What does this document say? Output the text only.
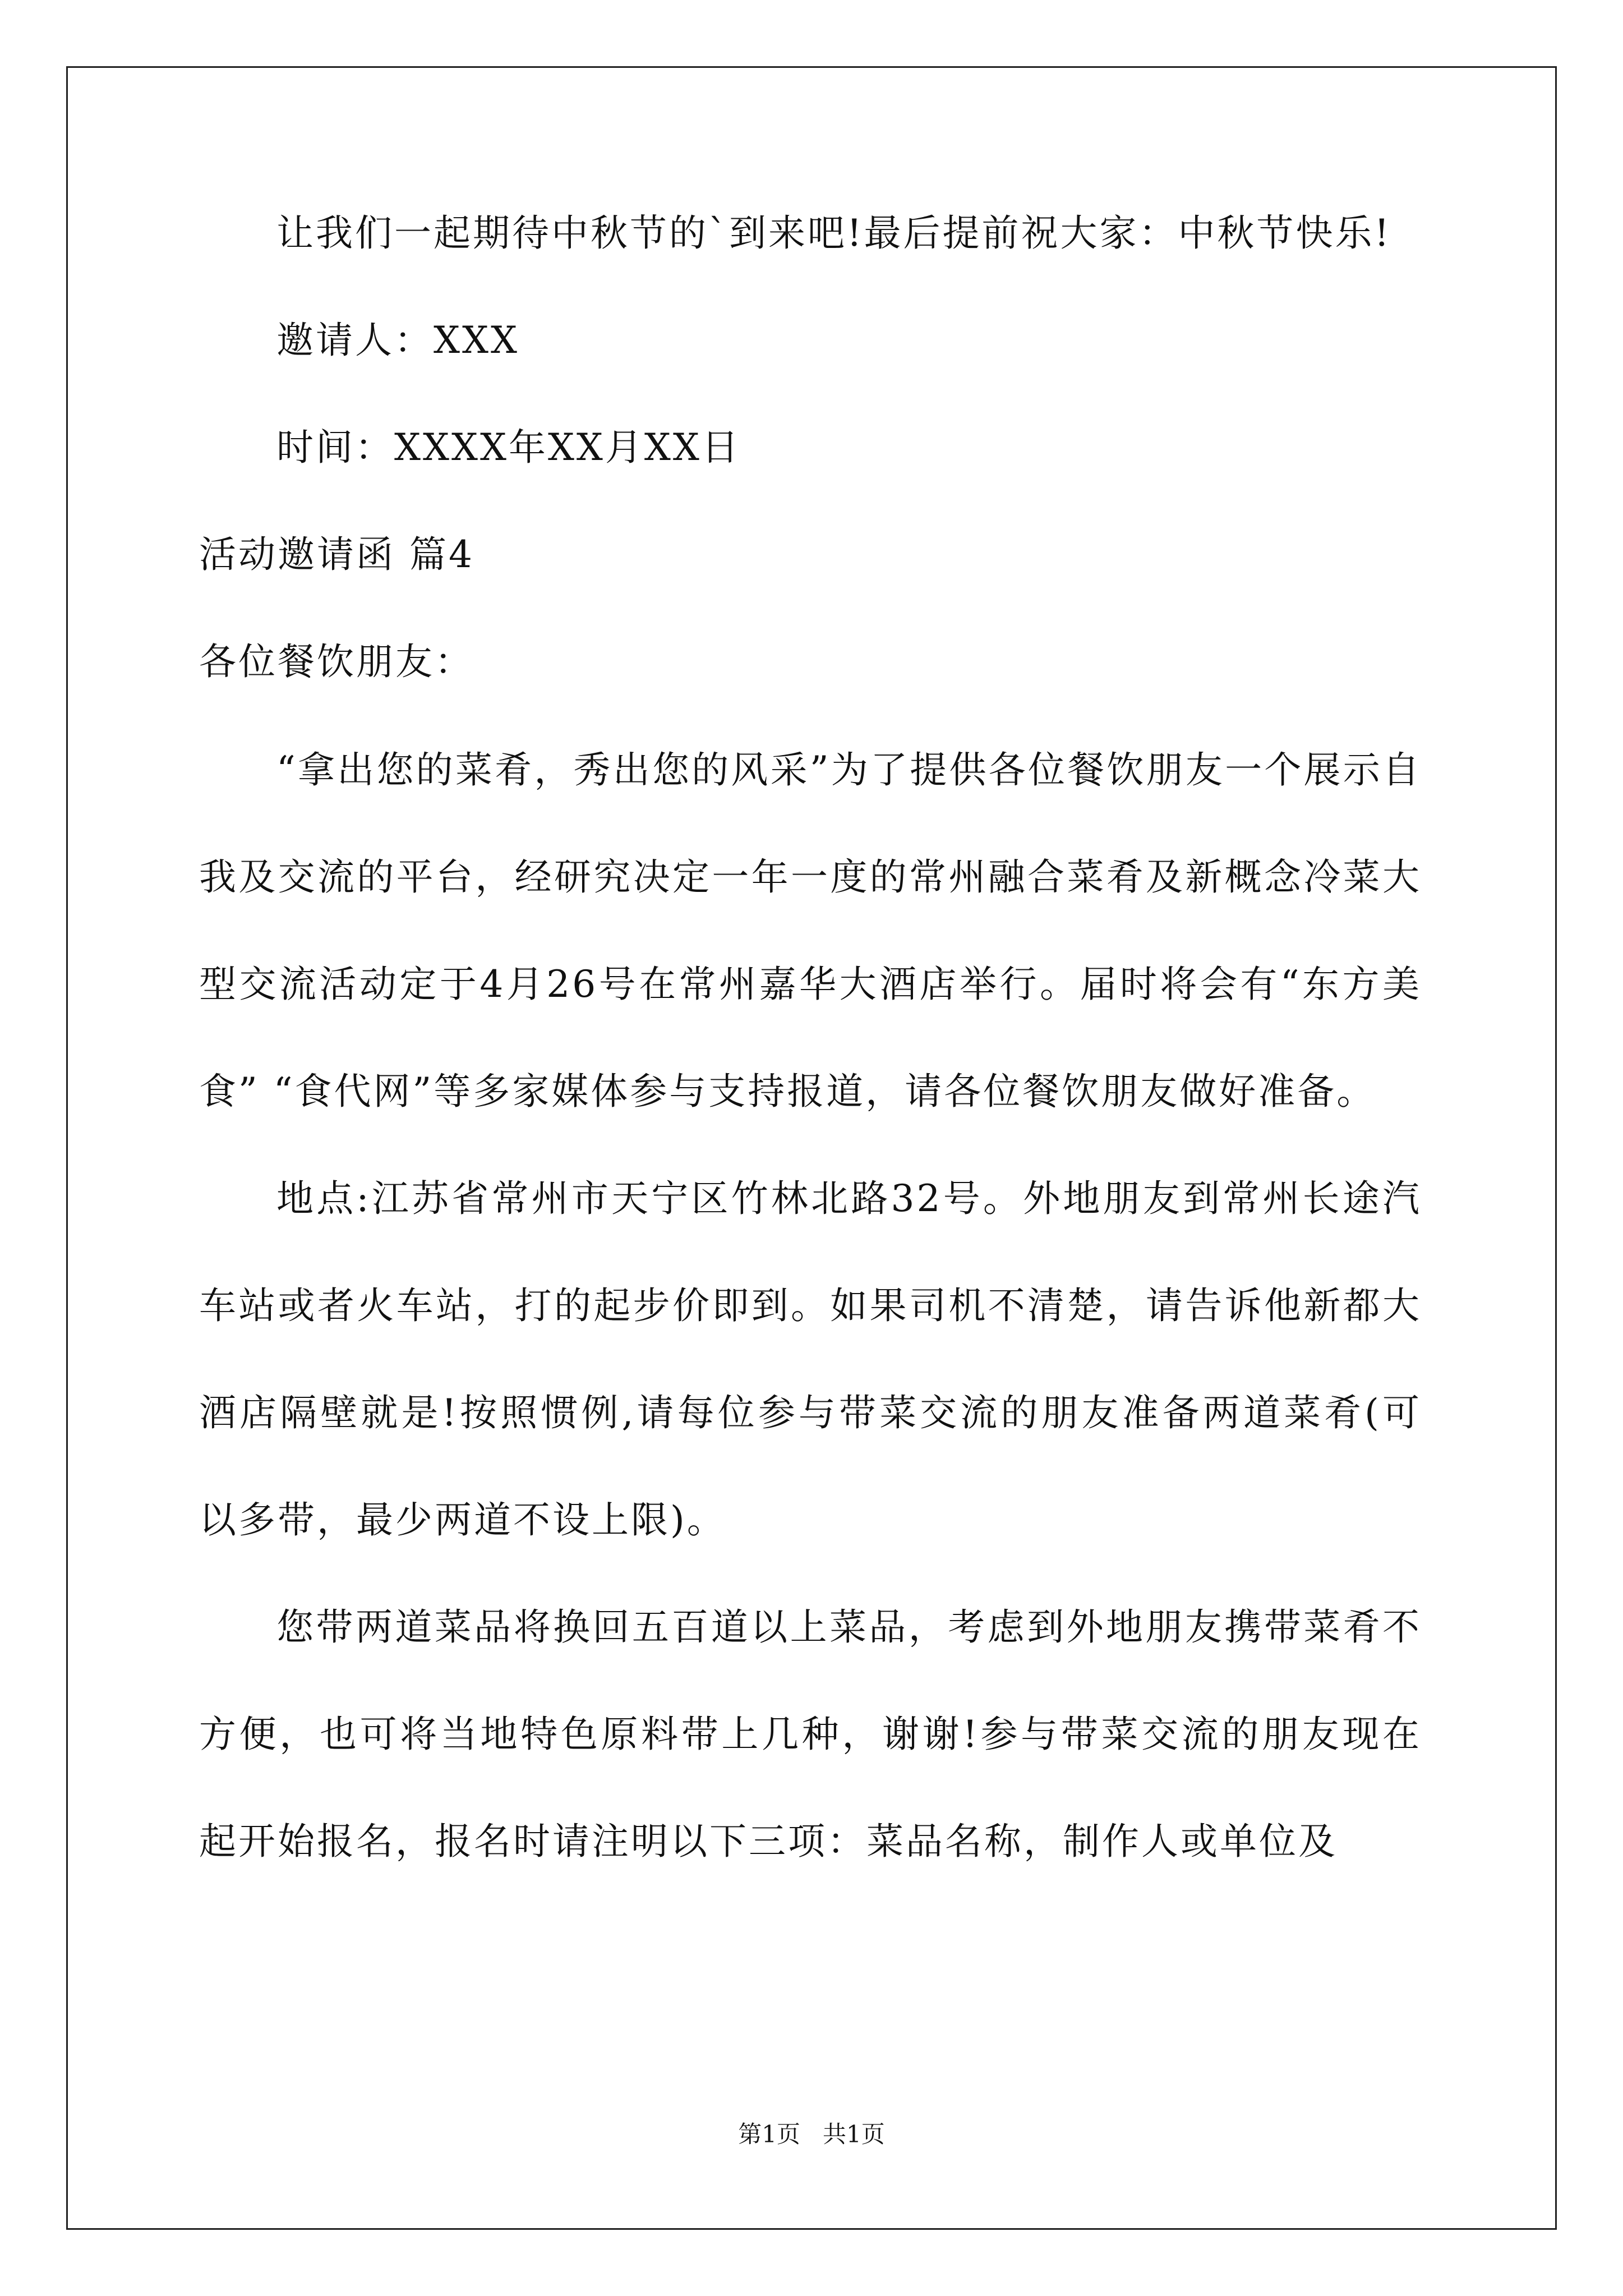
让我们一起期待中秋节的`到来吧!最后提前祝大家：中秋节快乐!
邀请人：XXX
时间：XXXX年XX月XX日
活动邀请函 篇4
各位餐饮朋友：

“拿出您的菜肴，秀出您的风采”为了提供各位餐饮朋友一个展示自我及交流的平台，经研究决定一年一度的常州融合菜肴及新概念冷菜大型交流活动定于4月26号在常州嘉华大酒店举行。届时将会有“东方美食” “食代网”等多家媒体参与支持报道，请各位餐饮朋友做好准备。

地点:江苏省常州市天宁区竹林北路32号。外地朋友到常州长途汽车站或者火车站，打的起步价即到。如果司机不清楚，请告诉他新都大酒店隔壁就是!按照惯例,请每位参与带菜交流的朋友准备两道菜肴(可以多带，最少两道不设上限)。

您带两道菜品将换回五百道以上菜品，考虑到外地朋友携带菜肴不方便，也可将当地特色原料带上几种，谢谢!参与带菜交流的朋友现在起开始报名，报名时请注明以下三项：菜品名称，制作人或单位及

第1页   共1页
